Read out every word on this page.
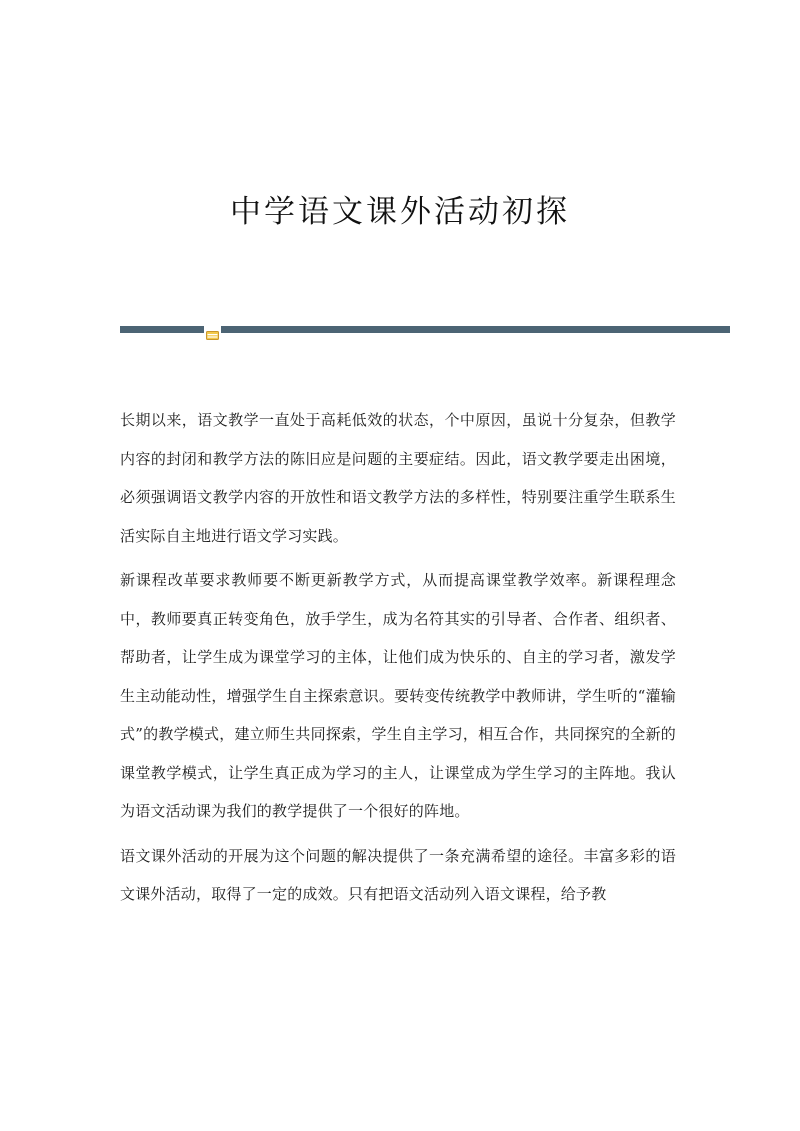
中学语文课外活动初探

长期以来，语文教学一直处于高耗低效的状态，个中原因，虽说十分复杂，但教学内容的封闭和教学方法的陈旧应是问题的主要症结。因此，语文教学要走出困境，必须强调语文教学内容的开放性和语文教学方法的多样性，特别要注重学生联系生活实际自主地进行语文学习实践。

新课程改革要求教师要不断更新教学方式，从而提高课堂教学效率。新课程理念中，教师要真正转变角色，放手学生，成为名符其实的引导者、合作者、组织者、帮助者，让学生成为课堂学习的主体，让他们成为快乐的、自主的学习者，激发学生主动能动性，增强学生自主探索意识。要转变传统教学中教师讲，学生听的“灌输式”的教学模式，建立师生共同探索，学生自主学习，相互合作，共同探究的全新的课堂教学模式，让学生真正成为学习的主人，让课堂成为学生学习的主阵地。我认为语文活动课为我们的教学提供了一个很好的阵地。

语文课外活动的开展为这个问题的解决提供了一条充满希望的途径。丰富多彩的语文课外活动，取得了一定的成效。只有把语文活动列入语文课程，给予教
